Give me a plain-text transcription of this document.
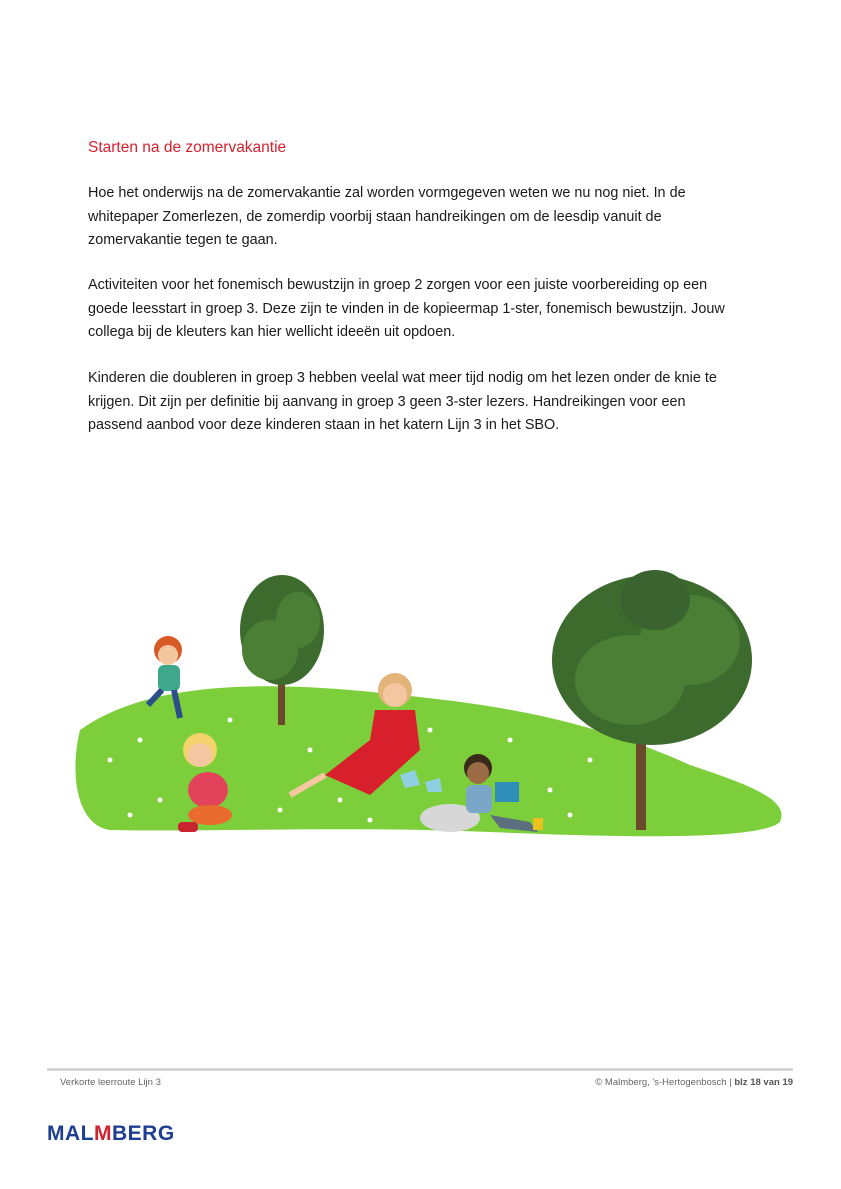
Starten na de zomervakantie

Hoe het onderwijs na de zomervakantie zal worden vormgegeven weten we nu nog niet. In de whitepaper Zomerlezen, de zomerdip voorbij staan handreikingen om de leesdip vanuit de zomervakantie tegen te gaan.

Activiteiten voor het fonemisch bewustzijn in groep 2 zorgen voor een juiste voorbereiding op een goede leesstart in groep 3. Deze zijn te vinden in de kopieermap 1-ster, fonemisch bewustzijn. Jouw collega bij de kleuters kan hier wellicht ideeën uit opdoen.

Kinderen die doubleren in groep 3 hebben veelal wat meer tijd nodig om het lezen onder de knie te krijgen. Dit zijn per definitie bij aanvang in groep 3 geen 3-ster lezers. Handreikingen voor een passend aanbod voor deze kinderen staan in het katern Lijn 3 in het SBO.

Verkorte leerroute Lijn 3	© Malmberg, 's-Hertogenbosch | blz 18 van 19
MALMBERG
